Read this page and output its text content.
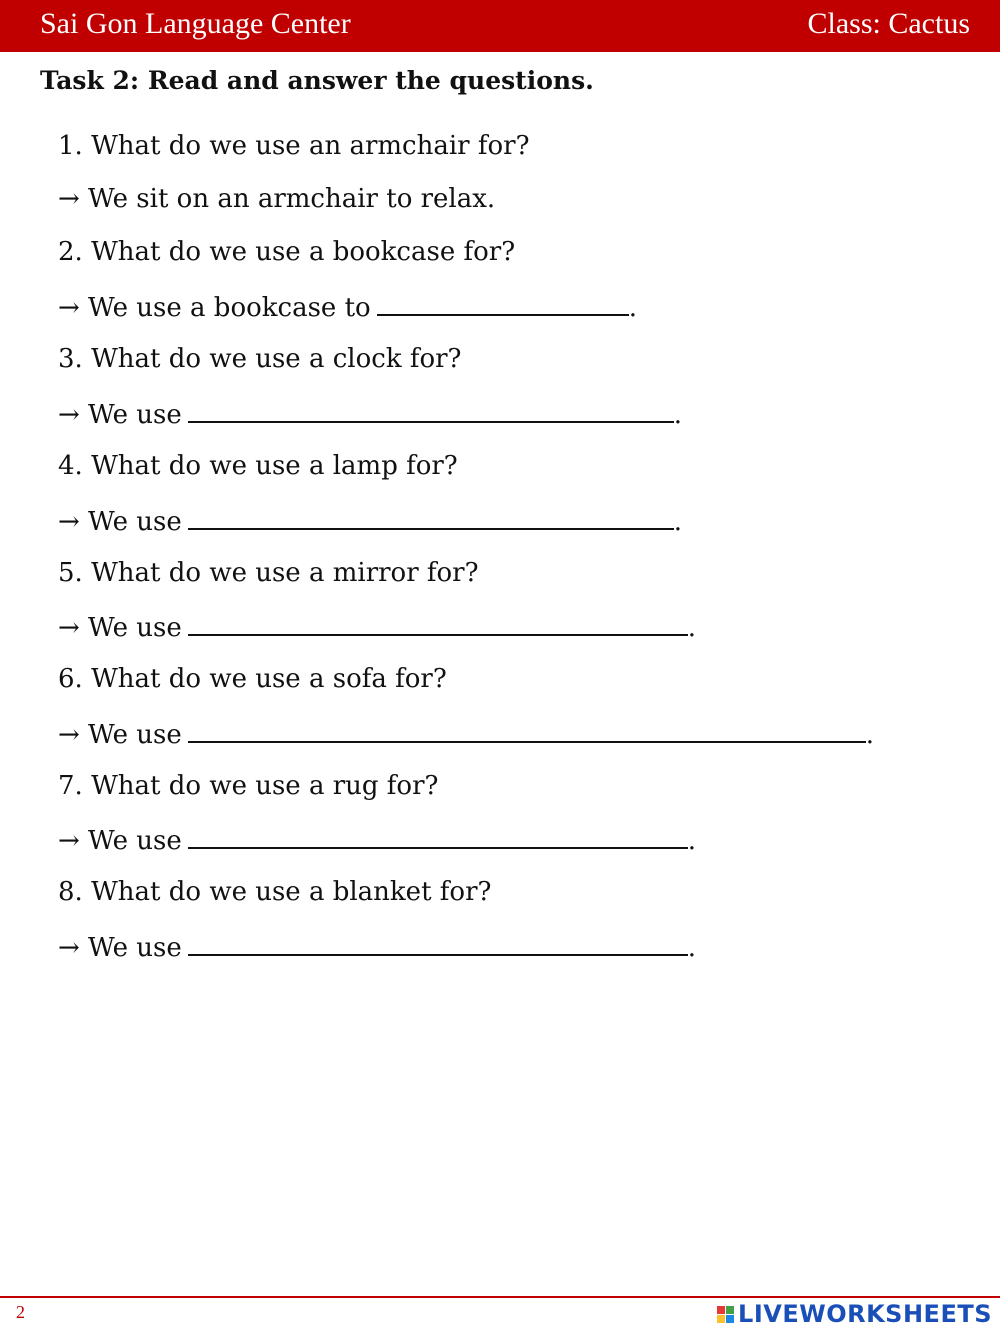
Sai Gon Language Center	Class: Cactus
Task 2: Read and answer the questions.
1. What do we use an armchair for?
→ We sit on an armchair to relax.
2. What do we use a bookcase for?
→ We use a bookcase to	.
3. What do we use a clock for?
→ We use	.
4. What do we use a lamp for?
→ We use	.
5. What do we use a mirror for?
→ We use	.
6. What do we use a sofa for?
→ We use	.
7. What do we use a rug for?
→ We use	.
8. What do we use a blanket for?
→ We use	.
2	LIVEWORKSHEETS
